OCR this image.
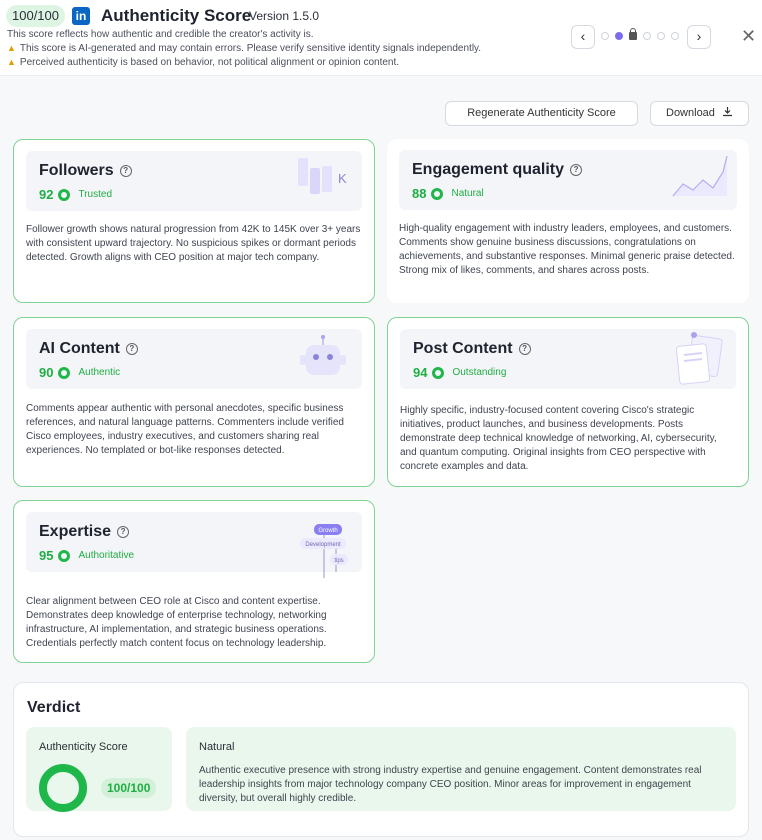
100/100	in Authenticity Score
Version 1.5.0
This score reflects how authentic and credible the creator's activity is.
▲ This score is AI-generated and may contain errors. Please verify sensitive identity signals independently.
▲ Perceived authenticity is based on behavior, not political alignment or opinion content.
‹	›	✕
Regenerate Authenticity Score	Download
Followers ?
92	Trusted
K
Follower growth shows natural progression from 42K to 145K over 3+ years with consistent upward trajectory. No suspicious spikes or dormant periods detected. Growth aligns with CEO position at major tech company.
Engagement quality ?
88	Natural
High-quality engagement with industry leaders, employees, and customers. Comments show genuine business discussions, congratulations on achievements, and substantive responses. Minimal generic praise detected. Strong mix of likes, comments, and shares across posts.
AI Content ?
90	Authentic
Comments appear authentic with personal anecdotes, specific business references, and natural language patterns. Commenters include verified Cisco employees, industry executives, and customers sharing real experiences. No templated or bot-like responses detected.
Post Content ?
94	Outstanding
Highly specific, industry-focused content covering Cisco's strategic initiatives, product launches, and business developments. Posts demonstrate deep technical knowledge of networking, AI, cybersecurity, and quantum computing. Original insights from CEO perspective with concrete examples and data.
Expertise ?
95	Authoritative
Growth
Development
tips
Clear alignment between CEO role at Cisco and content expertise. Demonstrates deep knowledge of enterprise technology, networking infrastructure, AI implementation, and strategic business operations. Credentials perfectly match content focus on technology leadership.
Verdict
Authenticity Score
100/100
Natural
Authentic executive presence with strong industry expertise and genuine engagement. Content demonstrates real leadership insights from major technology company CEO position. Minor areas for improvement in engagement diversity, but overall highly credible.
